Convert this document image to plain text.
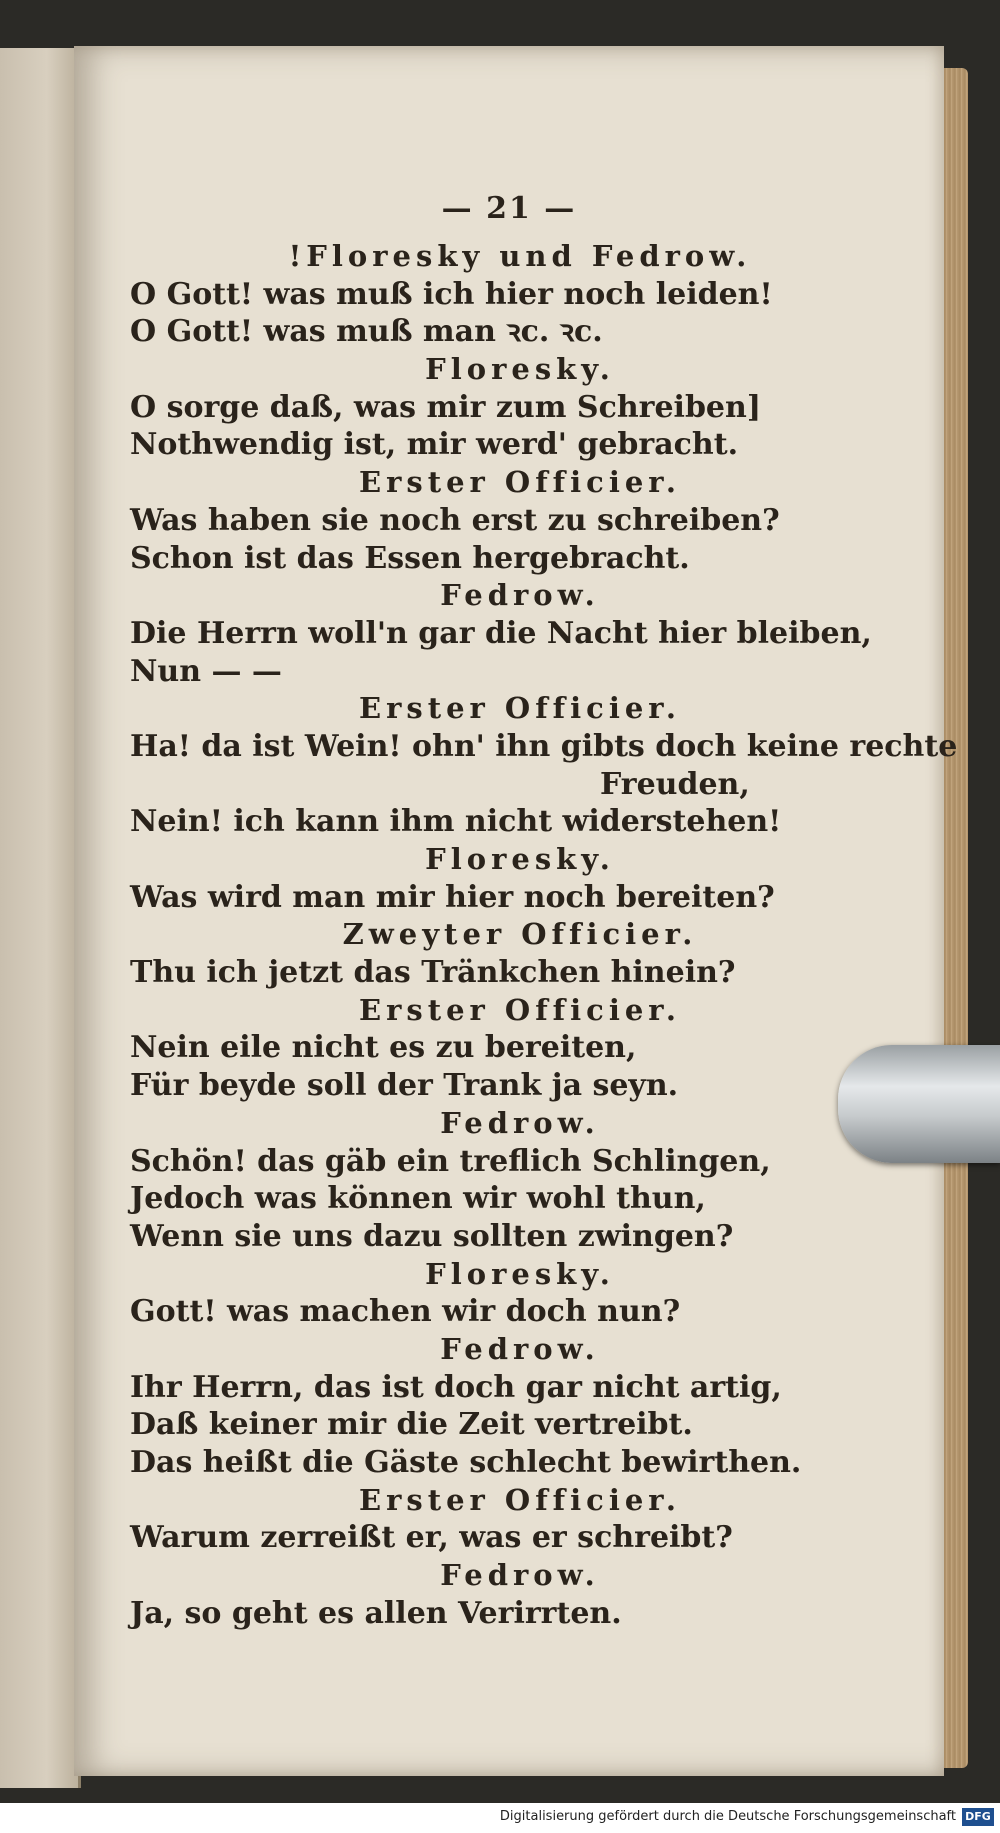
— 21 —
!Floresky und Fedrow.
O Gott! was muß ich hier noch leiden!
O Gott! was muß man ꝛc. ꝛc.
Floresky.
O sorge daß, was mir zum Schreiben]
Nothwendig ist, mir werd' gebracht.
Erster Officier.
Was haben sie noch erst zu schreiben?
Schon ist das Essen hergebracht.
Fedrow.
Die Herrn woll'n gar die Nacht hier bleiben,
Nun — —
Erster Officier.
Ha! da ist Wein! ohn' ihn gibts doch keine rechte
Freuden,
Nein! ich kann ihm nicht widerstehen!
Floresky.
Was wird man mir hier noch bereiten?
Zweyter Officier.
Thu ich jetzt das Tränkchen hinein?
Erster Officier.
Nein eile nicht es zu bereiten,
Für beyde soll der Trank ja seyn.
Fedrow.
Schön! das gäb ein treflich Schlingen,
Jedoch was können wir wohl thun,
Wenn sie uns dazu sollten zwingen?
Floresky.
Gott! was machen wir doch nun?
Fedrow.
Ihr Herrn, das ist doch gar nicht artig,
Daß keiner mir die Zeit vertreibt.
Das heißt die Gäste schlecht bewirthen.
Erster Officier.
Warum zerreißt er, was er schreibt?
Fedrow.
Ja, so geht es allen Verirrten.
Digitalisierung gefördert durch die Deutsche Forschungsgemeinschaft DFG
